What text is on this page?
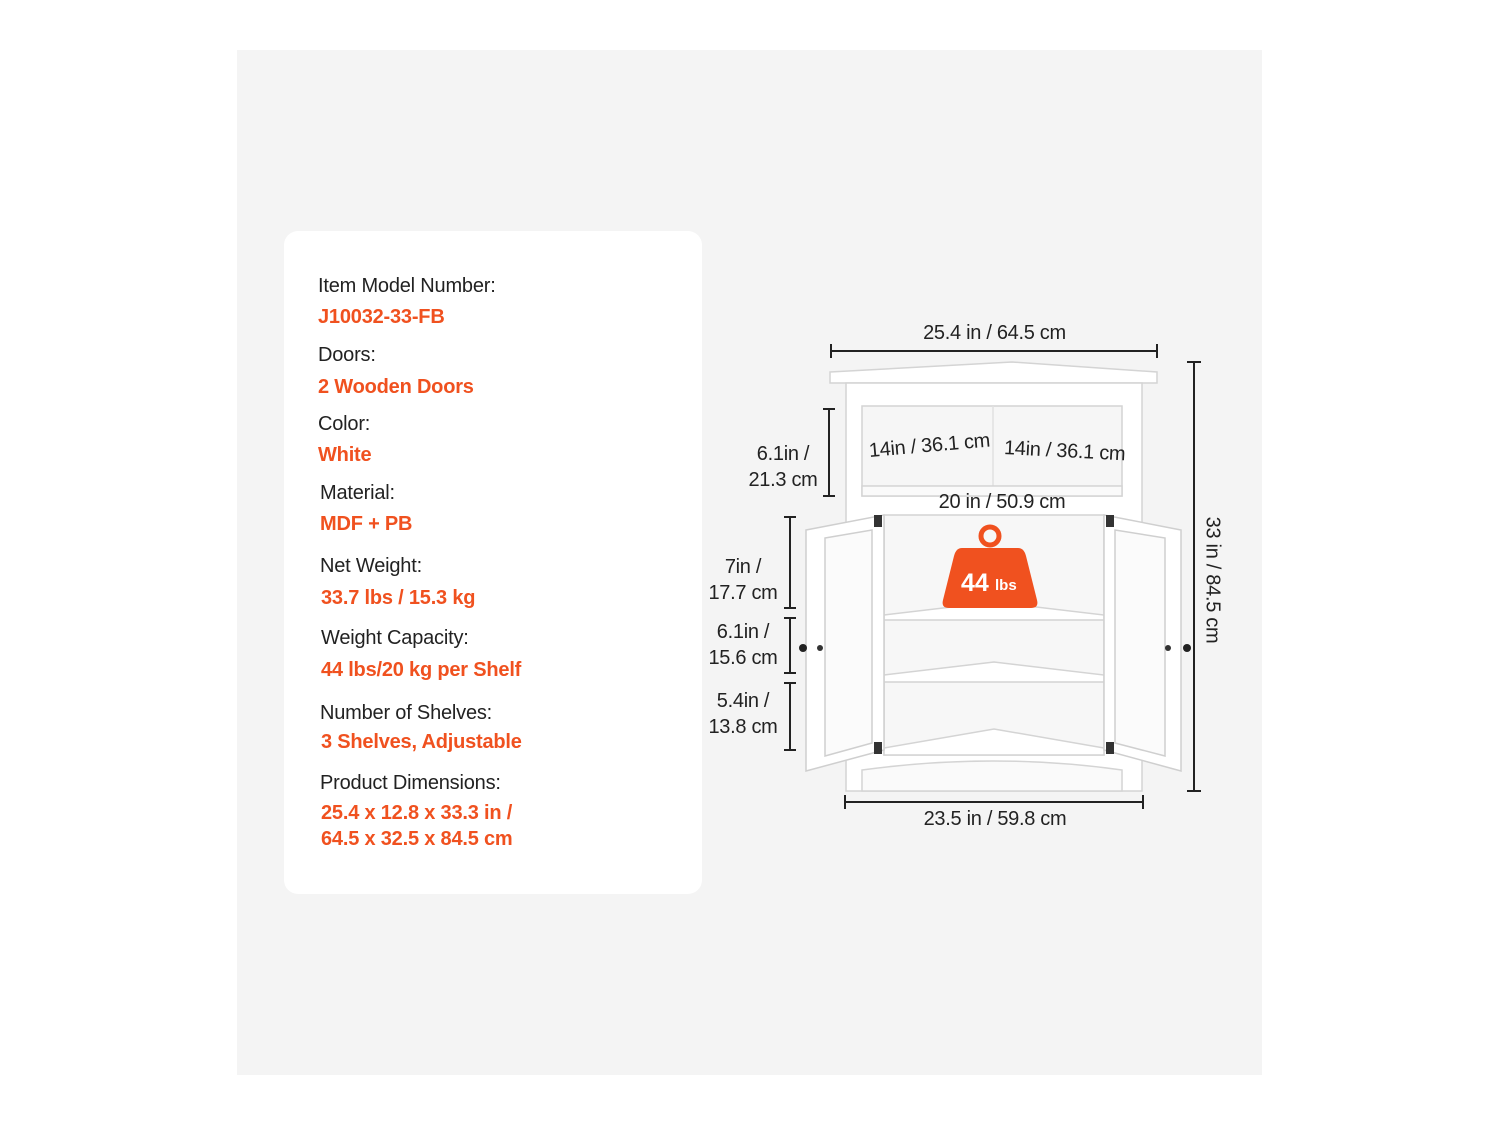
Item Model Number:
J10032-33-FB
Doors:
2 Wooden Doors
Color:
White
Material:
MDF + PB
Net Weight:
33.7 lbs / 15.3 kg
Weight Capacity:
44 lbs/20 kg per Shelf
Number of Shelves:
3 Shelves, Adjustable
Product Dimensions:
25.4 x 12.8 x 33.3 in /
64.5 x 32.5 x 84.5 cm
44 lbs
25.4 in / 64.5 cm
6.1in /
21.3 cm
14in / 36.1 cm 14in / 36.1 cm
20 in / 50.9 cm
7in /
17.7 cm
6.1in /
15.6 cm
5.4in /
13.8 cm
23.5 in / 59.8 cm
33 in / 84.5 cm
